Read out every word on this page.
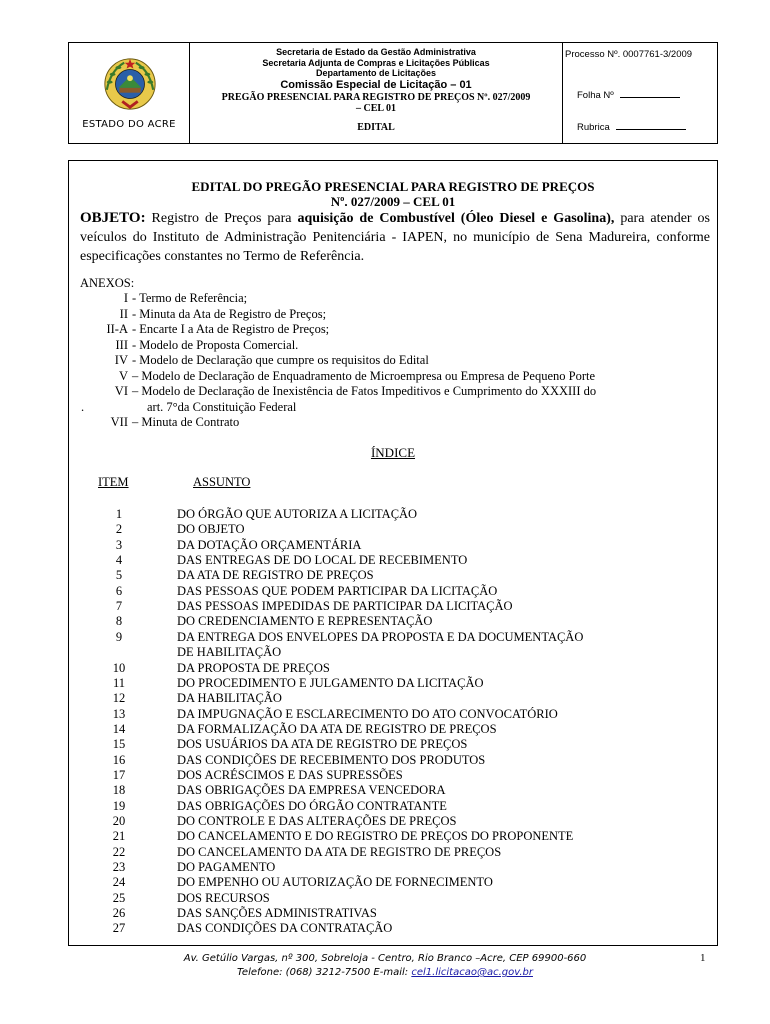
ESTADO DO ACRE
Secretaria de Estado da Gestão Administrativa
Secretaria Adjunta de Compras e Licitações Públicas
Departamento de Licitações
Comissão Especial de Licitação – 01
PREGÃO PRESENCIAL PARA REGISTRO DE PREÇOS Nº. 027/2009
– CEL 01
EDITAL
Processo Nº. 0007761-3/2009
Folha Nº
Rubrica
EDITAL DO PREGÃO PRESENCIAL PARA REGISTRO DE PREÇOS
Nº. 027/2009 – CEL 01
OBJETO: Registro de Preços para aquisição de Combustível (Óleo Diesel e Gasolina), para atender os veículos do Instituto de Administração Penitenciária - IAPEN, no município de Sena Madureira, conforme especificações constantes no Termo de Referência.
ANEXOS:
I - Termo de Referência;
II - Minuta da Ata de Registro de Preços;
II-A - Encarte I a Ata de Registro de Preços;
III - Modelo de Proposta Comercial.
IV - Modelo de Declaração que cumpre os requisitos do Edital
V – Modelo de Declaração de Enquadramento de Microempresa ou Empresa de Pequeno Porte
VI – Modelo de Declaração de Inexistência de Fatos Impeditivos e Cumprimento do XXXIII do
art. 7°da Constituição Federal
.
VII – Minuta de Contrato
ÍNDICE
ITEM	ASSUNTO
1	DO ÓRGÃO QUE AUTORIZA A LICITAÇÃO
2	DO OBJETO
3	DA DOTAÇÃO ORÇAMENTÁRIA
4	DAS ENTREGAS DE DO LOCAL DE RECEBIMENTO
5	DA ATA DE REGISTRO DE PREÇOS
6	DAS PESSOAS QUE PODEM PARTICIPAR DA LICITAÇÃO
7	DAS PESSOAS IMPEDIDAS DE PARTICIPAR DA LICITAÇÃO
8	DO CREDENCIAMENTO E REPRESENTAÇÃO
9	DA ENTREGA DOS ENVELOPES DA PROPOSTA E DA DOCUMENTAÇÃO
DE HABILITAÇÃO
10	DA PROPOSTA DE PREÇOS
11	DO PROCEDIMENTO E JULGAMENTO DA LICITAÇÃO
12	DA HABILITAÇÃO
13	DA IMPUGNAÇÃO E ESCLARECIMENTO DO ATO CONVOCATÓRIO
14	DA FORMALIZAÇÃO DA ATA DE REGISTRO DE PREÇOS
15	DOS USUÁRIOS DA ATA DE REGISTRO DE PREÇOS
16	DAS CONDIÇÕES DE RECEBIMENTO DOS PRODUTOS
17	DOS ACRÉSCIMOS E DAS SUPRESSÕES
18	DAS OBRIGAÇÕES DA EMPRESA VENCEDORA
19	DAS OBRIGAÇÕES DO ÓRGÃO CONTRATANTE
20	DO CONTROLE E DAS ALTERAÇÕES DE PREÇOS
21	DO CANCELAMENTO E DO REGISTRO DE PREÇOS DO PROPONENTE
22	DO CANCELAMENTO DA ATA DE REGISTRO DE PREÇOS
23	DO PAGAMENTO
24	DO EMPENHO OU AUTORIZAÇÃO DE FORNECIMENTO
25	DOS RECURSOS
26	DAS SANÇÕES ADMINISTRATIVAS
27	DAS CONDIÇÕES DA CONTRATAÇÃO
Av. Getúlio Vargas, nº 300, Sobreloja - Centro, Rio Branco –Acre, CEP 69900-660
Telefone: (068) 3212-7500 E-mail: cel1.licitacao@ac.gov.br
1
